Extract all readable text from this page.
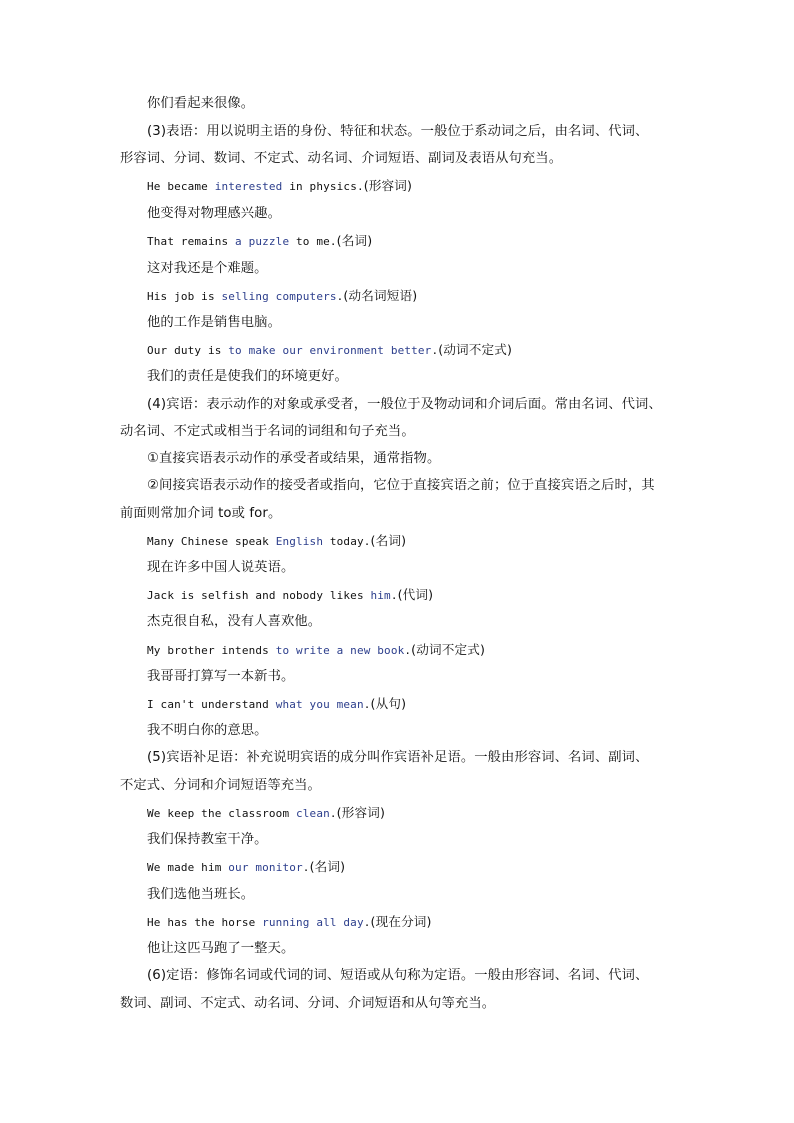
你们看起来很像。
(3)表语：用以说明主语的身份、特征和状态。一般位于系动词之后，由名词、代词、
形容词、分词、数词、不定式、动名词、介词短语、副词及表语从句充当。
He became interested in physics.(形容词)
他变得对物理感兴趣。
That remains a puzzle to me.(名词)
这对我还是个难题。
His job is selling computers.(动名词短语)
他的工作是销售电脑。
Our duty is to make our environment better.(动词不定式)
我们的责任是使我们的环境更好。
(4)宾语：表示动作的对象或承受者，一般位于及物动词和介词后面。常由名词、代词、
动名词、不定式或相当于名词的词组和句子充当。
①直接宾语表示动作的承受者或结果，通常指物。
②间接宾语表示动作的接受者或指向，它位于直接宾语之前；位于直接宾语之后时，其
前面则常加介词 to或 for。
Many Chinese speak English today.(名词)
现在许多中国人说英语。
Jack is selfish and nobody likes him.(代词)
杰克很自私，没有人喜欢他。
My brother intends to write a new book.(动词不定式)
我哥哥打算写一本新书。
I can't understand what you mean.(从句)
我不明白你的意思。
(5)宾语补足语：补充说明宾语的成分叫作宾语补足语。一般由形容词、名词、副词、
不定式、分词和介词短语等充当。
We keep the classroom clean.(形容词)
我们保持教室干净。
We made him our monitor.(名词)
我们选他当班长。
He has the horse running all day.(现在分词)
他让这匹马跑了一整天。
(6)定语：修饰名词或代词的词、短语或从句称为定语。一般由形容词、名词、代词、
数词、副词、不定式、动名词、分词、介词短语和从句等充当。
